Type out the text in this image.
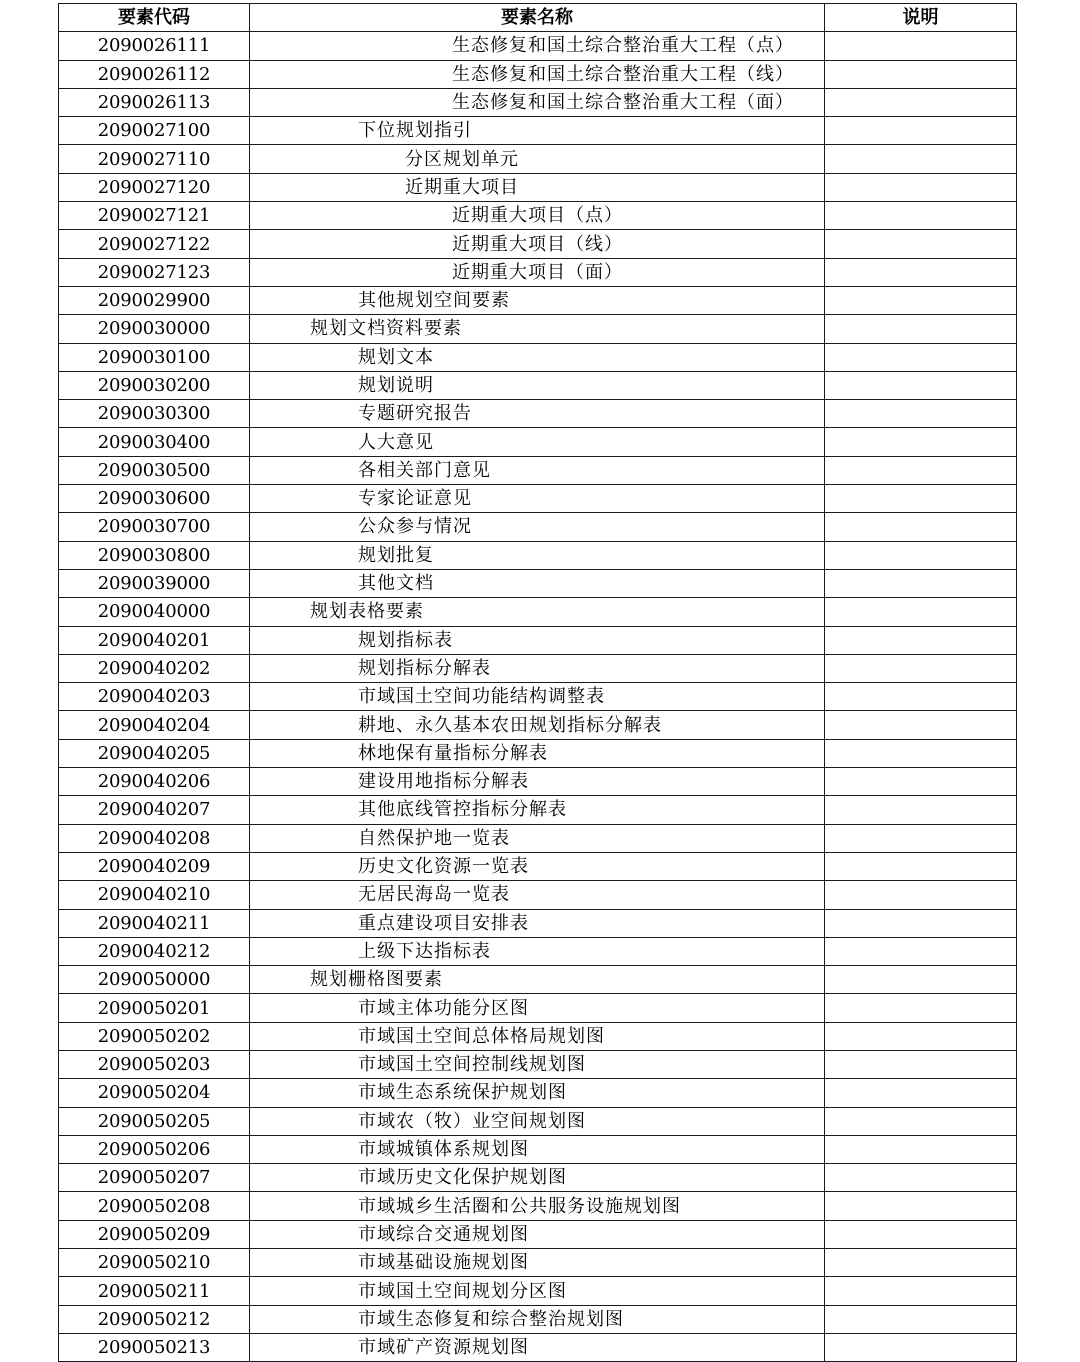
要素代码	要素名称	说明
2090026111	生态修复和国土综合整治重大工程（点）	
2090026112	生态修复和国土综合整治重大工程（线）	
2090026113	生态修复和国土综合整治重大工程（面）	
2090027100	下位规划指引	
2090027110	分区规划单元	
2090027120	近期重大项目	
2090027121	近期重大项目（点）	
2090027122	近期重大项目（线）	
2090027123	近期重大项目（面）	
2090029900	其他规划空间要素	
2090030000	规划文档资料要素	
2090030100	规划文本	
2090030200	规划说明	
2090030300	专题研究报告	
2090030400	人大意见	
2090030500	各相关部门意见	
2090030600	专家论证意见	
2090030700	公众参与情况	
2090030800	规划批复	
2090039000	其他文档	
2090040000	规划表格要素	
2090040201	规划指标表	
2090040202	规划指标分解表	
2090040203	市域国土空间功能结构调整表	
2090040204	耕地、永久基本农田规划指标分解表	
2090040205	林地保有量指标分解表	
2090040206	建设用地指标分解表	
2090040207	其他底线管控指标分解表	
2090040208	自然保护地一览表	
2090040209	历史文化资源一览表	
2090040210	无居民海岛一览表	
2090040211	重点建设项目安排表	
2090040212	上级下达指标表	
2090050000	规划栅格图要素	
2090050201	市域主体功能分区图	
2090050202	市域国土空间总体格局规划图	
2090050203	市域国土空间控制线规划图	
2090050204	市域生态系统保护规划图	
2090050205	市域农（牧）业空间规划图	
2090050206	市域城镇体系规划图	
2090050207	市域历史文化保护规划图	
2090050208	市域城乡生活圈和公共服务设施规划图	
2090050209	市域综合交通规划图	
2090050210	市域基础设施规划图	
2090050211	市域国土空间规划分区图	
2090050212	市域生态修复和综合整治规划图	
2090050213	市域矿产资源规划图	
